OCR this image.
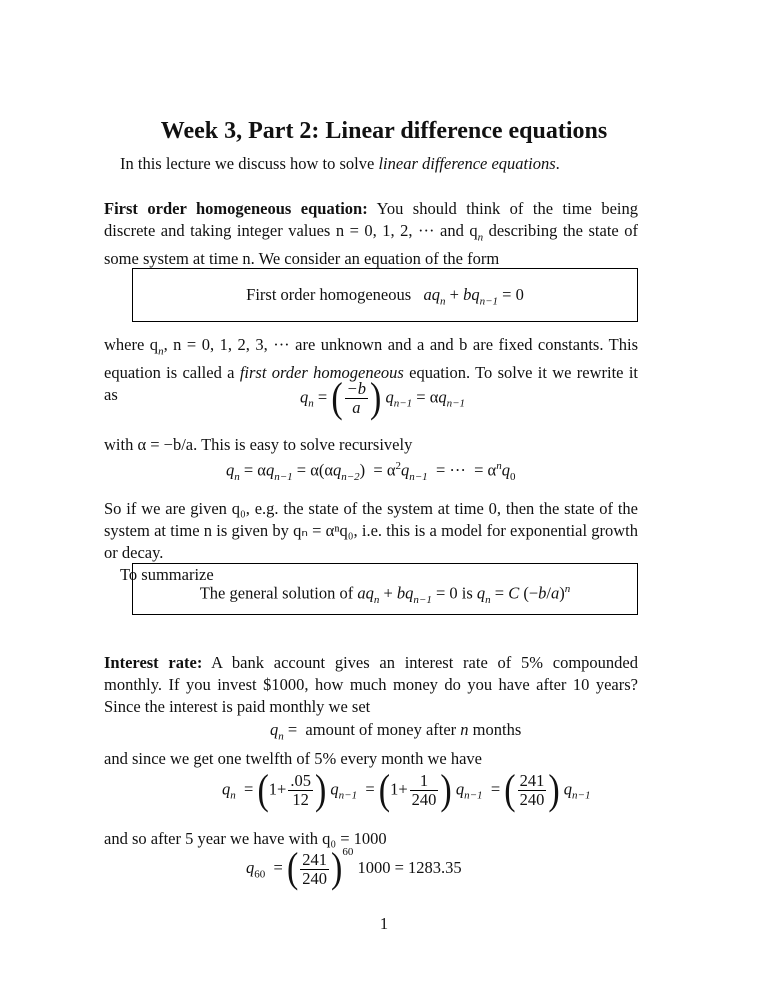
Week 3, Part 2: Linear difference equations
In this lecture we discuss how to solve linear difference equations.
First order homogeneous equation: You should think of the time being discrete and taking integer values n = 0, 1, 2, ··· and $q_n$ describing the state of some system at time n. We consider an equation of the form
First order homogeneous $aq_n + bq_{n-1} = 0$
where $q_n$, n = 0, 1, 2, 3, ··· are unknown and a and b are fixed constants. This equation is called a first order homogeneous equation. To solve it we rewrite it as	$q_n$ = ( $\frac{-b}{a}$ ) $q_{n-1} = \alpha q_{n-1}$
with α = −b/a. This is easy to solve recursively
$q_n = \alpha q_{n-1} = \alpha(\alpha q_{n-2}) = \alpha^2q_{n-1}$  = ···  = $\alpha^nq_0$
So if we are given q₀, e.g. the state of the system at time 0, then the state of the system at time n is given by qₙ = αⁿq₀, i.e. this is a model for exponential growth or decay.
To summarize
The general solution of $aq_n + bq_{n-1} = 0$ is $q_n = C$ $(-b/a)^n$
Interest rate: A bank account gives an interest rate of 5% compounded monthly. If you invest $1000, how much money do you have after 10 years? Since the interest is paid monthly we set
$q_n$ =  amount of money after n months
and since we get one twelfth of 5% every month we have
$q_n = (1+ \frac{.05}{12}$ ) $q_{n-1} = (1+ \frac{1}{240}$ ) $q_{n-1}$  = ( $\frac{241}{240}$ ) $q_{n-1}$
and so after 5 year we have with q₀ = 1000
$q_{60}$  = ( $\frac{241}{240} )^{60}$ 1000 = 1283.35
1
